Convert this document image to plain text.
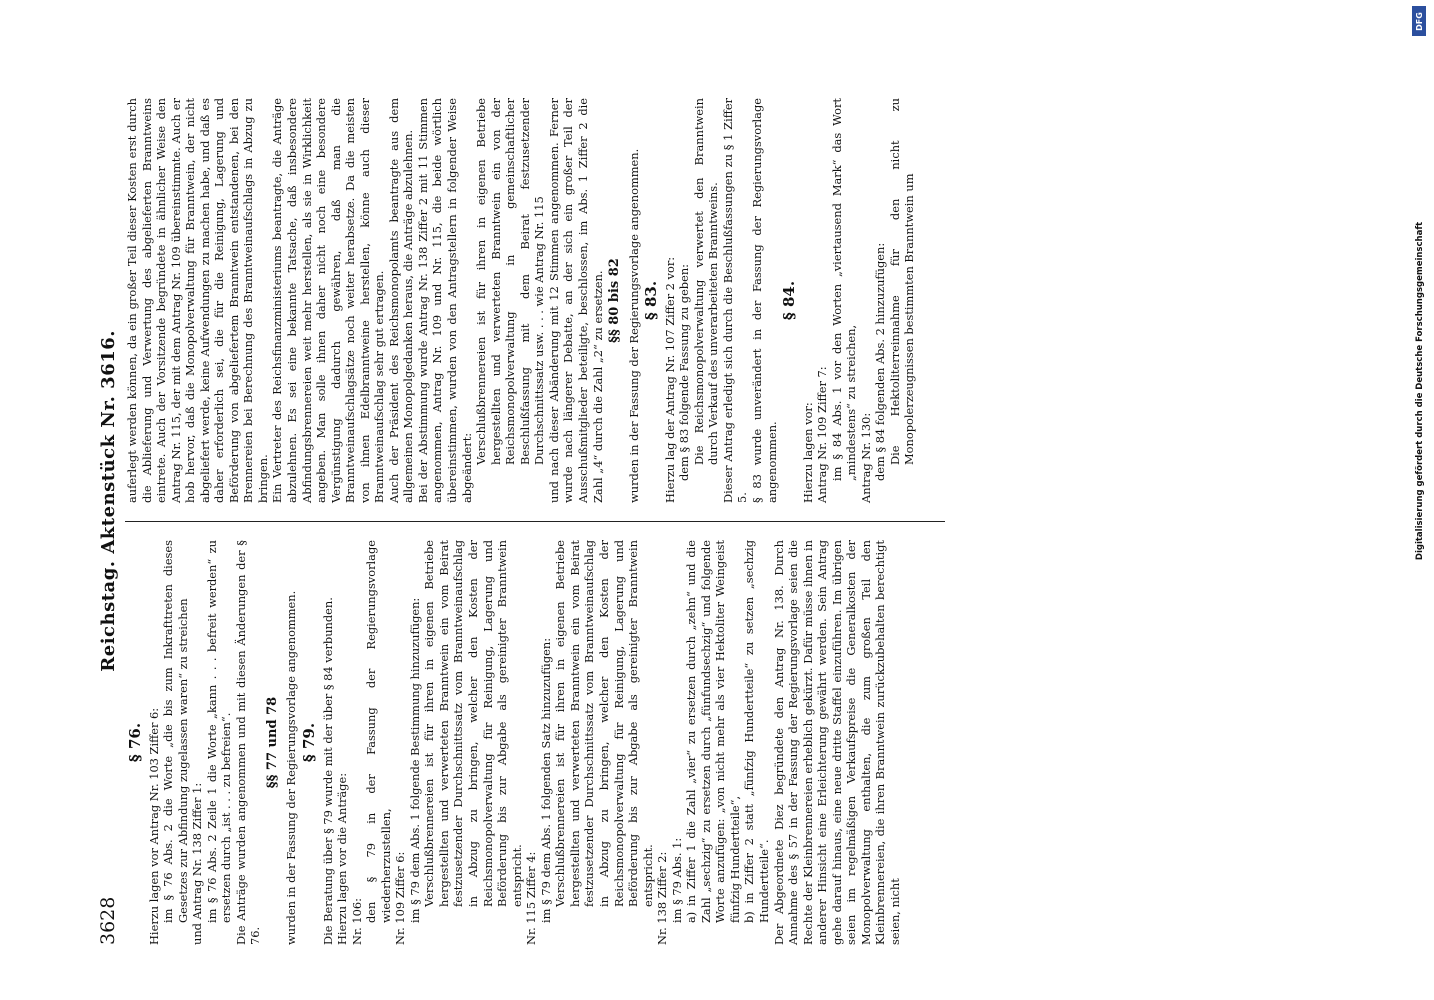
3628
Reichstag. Aktenstück Nr. 3616.
§ 76. Hierzu lagen vor Antrag Nr. 103 Ziffer 6: im § 76 Abs. 2 die Worte „die bis zum Inkrafttreten dieses Gesetzes zur Abfindung zugelassen waren“ zu streichen und Antrag Nr. 138 Ziffer 1: im § 76 Abs. 2 Zeile 1 die Worte „kann . . . befreit werden“ zu ersetzen durch „ist . . . zu befreien“. Die Anträge wurden angenommen und mit diesen Änderungen der § 76.

§§ 77 und 78 wurden in der Fassung der Regierungsvorlage angenommen. § 79. Die Beratung über § 79 wurde mit der über § 84 verbunden. Hierzu lagen vor die Anträge: Nr. 106: den § 79 in der Fassung der Regierungsvorlage wiederherzustellen, Nr. 109 Ziffer 6: im § 79 dem Abs. 1 folgende Bestimmung hinzuzufügen: Verschlußbrennereien ist für ihren in eigenen Betriebe hergestellten und verwerteten Branntwein ein vom Beirat festzusetzender Durchschnittssatz vom Branntweinaufschlag in Abzug zu bringen, welcher den Kosten der Reichsmonopolverwaltung für Reinigung, Lagerung und Beförderung bis zur Abgabe als gereinigter Branntwein entspricht. Nr. 115 Ziffer 4: im § 79 dem Abs. 1 folgenden Satz hinzuzufügen: Verschlußbrennereien ist für ihren in eigenen Betriebe hergestellten und verwerteten Branntwein ein vom Beirat festzusetzender Durchschnittssatz vom Branntweinaufschlag in Abzug zu bringen, welcher den Kosten der Reichsmonopolverwaltung für Reinigung, Lagerung und Beförderung bis zur Abgabe als gereinigter Branntwein entspricht. Nr. 138 Ziffer 2: im § 79 Abs. 1: a) in Ziffer 1 die Zahl „vier“ zu ersetzen durch „zehn“ und die Zahl „sechzig“ zu ersetzen durch „fünfundsechzig“ und folgende Worte anzufügen: „von nicht mehr als vier Hektoliter Weingeist fünfzig Hundertteile“, b) in Ziffer 2 statt „fünfzig Hundertteile“ zu setzen „sechzig Hundertteile“. Der Abgeordnete Diez begründete den Antrag Nr. 138. Durch Annahme des § 57 in der Fassung der Regierungsvorlage seien die Rechte der Kleinbrennereien erheblich gekürzt. Dafür müsse ihnen in anderer Hinsicht eine Erleichterung gewährt werden. Sein Antrag gehe darauf hinaus, eine neue dritte Staffel einzuführen. Im übrigen seien im regelmäßigen Verkaufspreise die Generalkosten der Monopolverwaltung enthalten, die zum großen Teil den Kleinbrennereien, die ihren Branntwein zurückzubehalten berechtigt seien, nicht

auferlegt werden können, da ein großer Teil dieser Kosten erst durch die Ablieferung und Verwertung des abgelieferten Branntweins eintrete. Auch der Vorsitzende begründete in ähnlicher Weise den Antrag Nr. 115, der mit dem Antrag Nr. 109 übereinstimmte. Auch er hob hervor, daß die Monopolverwaltung für Branntwein, der nicht abgeliefert werde, keine Aufwendungen zu machen habe, und daß es daher erforderlich sei, die für die Reinigung, Lagerung und Beförderung von abgeliefertem Branntwein entstandenen, bei den Brennereien bei Berechnung des Branntweinaufschlags in Abzug zu bringen. Ein Vertreter des Reichsfinanzministeriums beantragte, die Anträge abzulehnen. Es sei eine bekannte Tatsache, daß insbesondere Abfindungsbrennereien weit mehr herstellen, als sie in Wirklichkeit angeben. Man solle ihnen daher nicht noch eine besondere Vergünstigung dadurch gewähren, daß man die Branntweinaufschlagsätze noch weiter herabsetze. Da die meisten von ihnen Edelbranntweine herstellen, könne auch dieser Branntweinaufschlag sehr gut ertragen. Auch der Präsident des Reichsmonopolamts beantragte aus dem allgemeinen Monopolgedanken heraus, die Anträge abzulehnen. Bei der Abstimmung wurde Antrag Nr. 138 Ziffer 2 mit 11 Stimmen angenommen, Antrag Nr. 109 und Nr. 115, die beide wörtlich übereinstimmen, wurden von den Antragstellern in folgender Weise abgeändert:

Verschlußbrennereien ist für ihren in eigenen Betriebe hergestellten und verwerteten Branntwein ein von der Reichsmonopolverwaltung in gemeinschaftlicher Beschlußfassung mit dem Beirat festzusetzender Durchschnittssatz usw. . . . wie Antrag Nr. 115 und nach dieser Abänderung mit 12 Stimmen angenommen. Ferner wurde nach längerer Debatte, an der sich ein großer Teil der Ausschußmitglieder beteiligte, beschlossen, im Abs. 1 Ziffer 2 die Zahl „4“ durch die Zahl „2“ zu ersetzen. §§ 80 bis 82 wurden in der Fassung der Regierungsvorlage angenommen. § 83. Hierzu lag der Antrag Nr. 107 Ziffer 2 vor: dem § 83 folgende Fassung zu geben: Die Reichsmonopolverwaltung verwertet den Branntwein durch Verkauf des unverarbeiteten Branntweins. Dieser Antrag erledigt sich durch die Beschlußfassungen zu § 1 Ziffer 5. § 83 wurde unverändert in der Fassung der Regierungsvorlage angenommen.

§ 84.

Hierzu lagen vor: Antrag Nr. 109 Ziffer 7: im § 84 Abs. 1 vor den Worten „viertausend Mark“ das Wort „mindestens“ zu streichen, Antrag Nr. 130: dem § 84 folgenden Abs. 2 hinzuzufügen: Die Hektoliterreinnahme für den nicht zu Monopolerzeugnissen bestimmten Branntwein um

DFG
Digitalisierung gefördert durch die Deutsche Forschungsgemeinschaft
